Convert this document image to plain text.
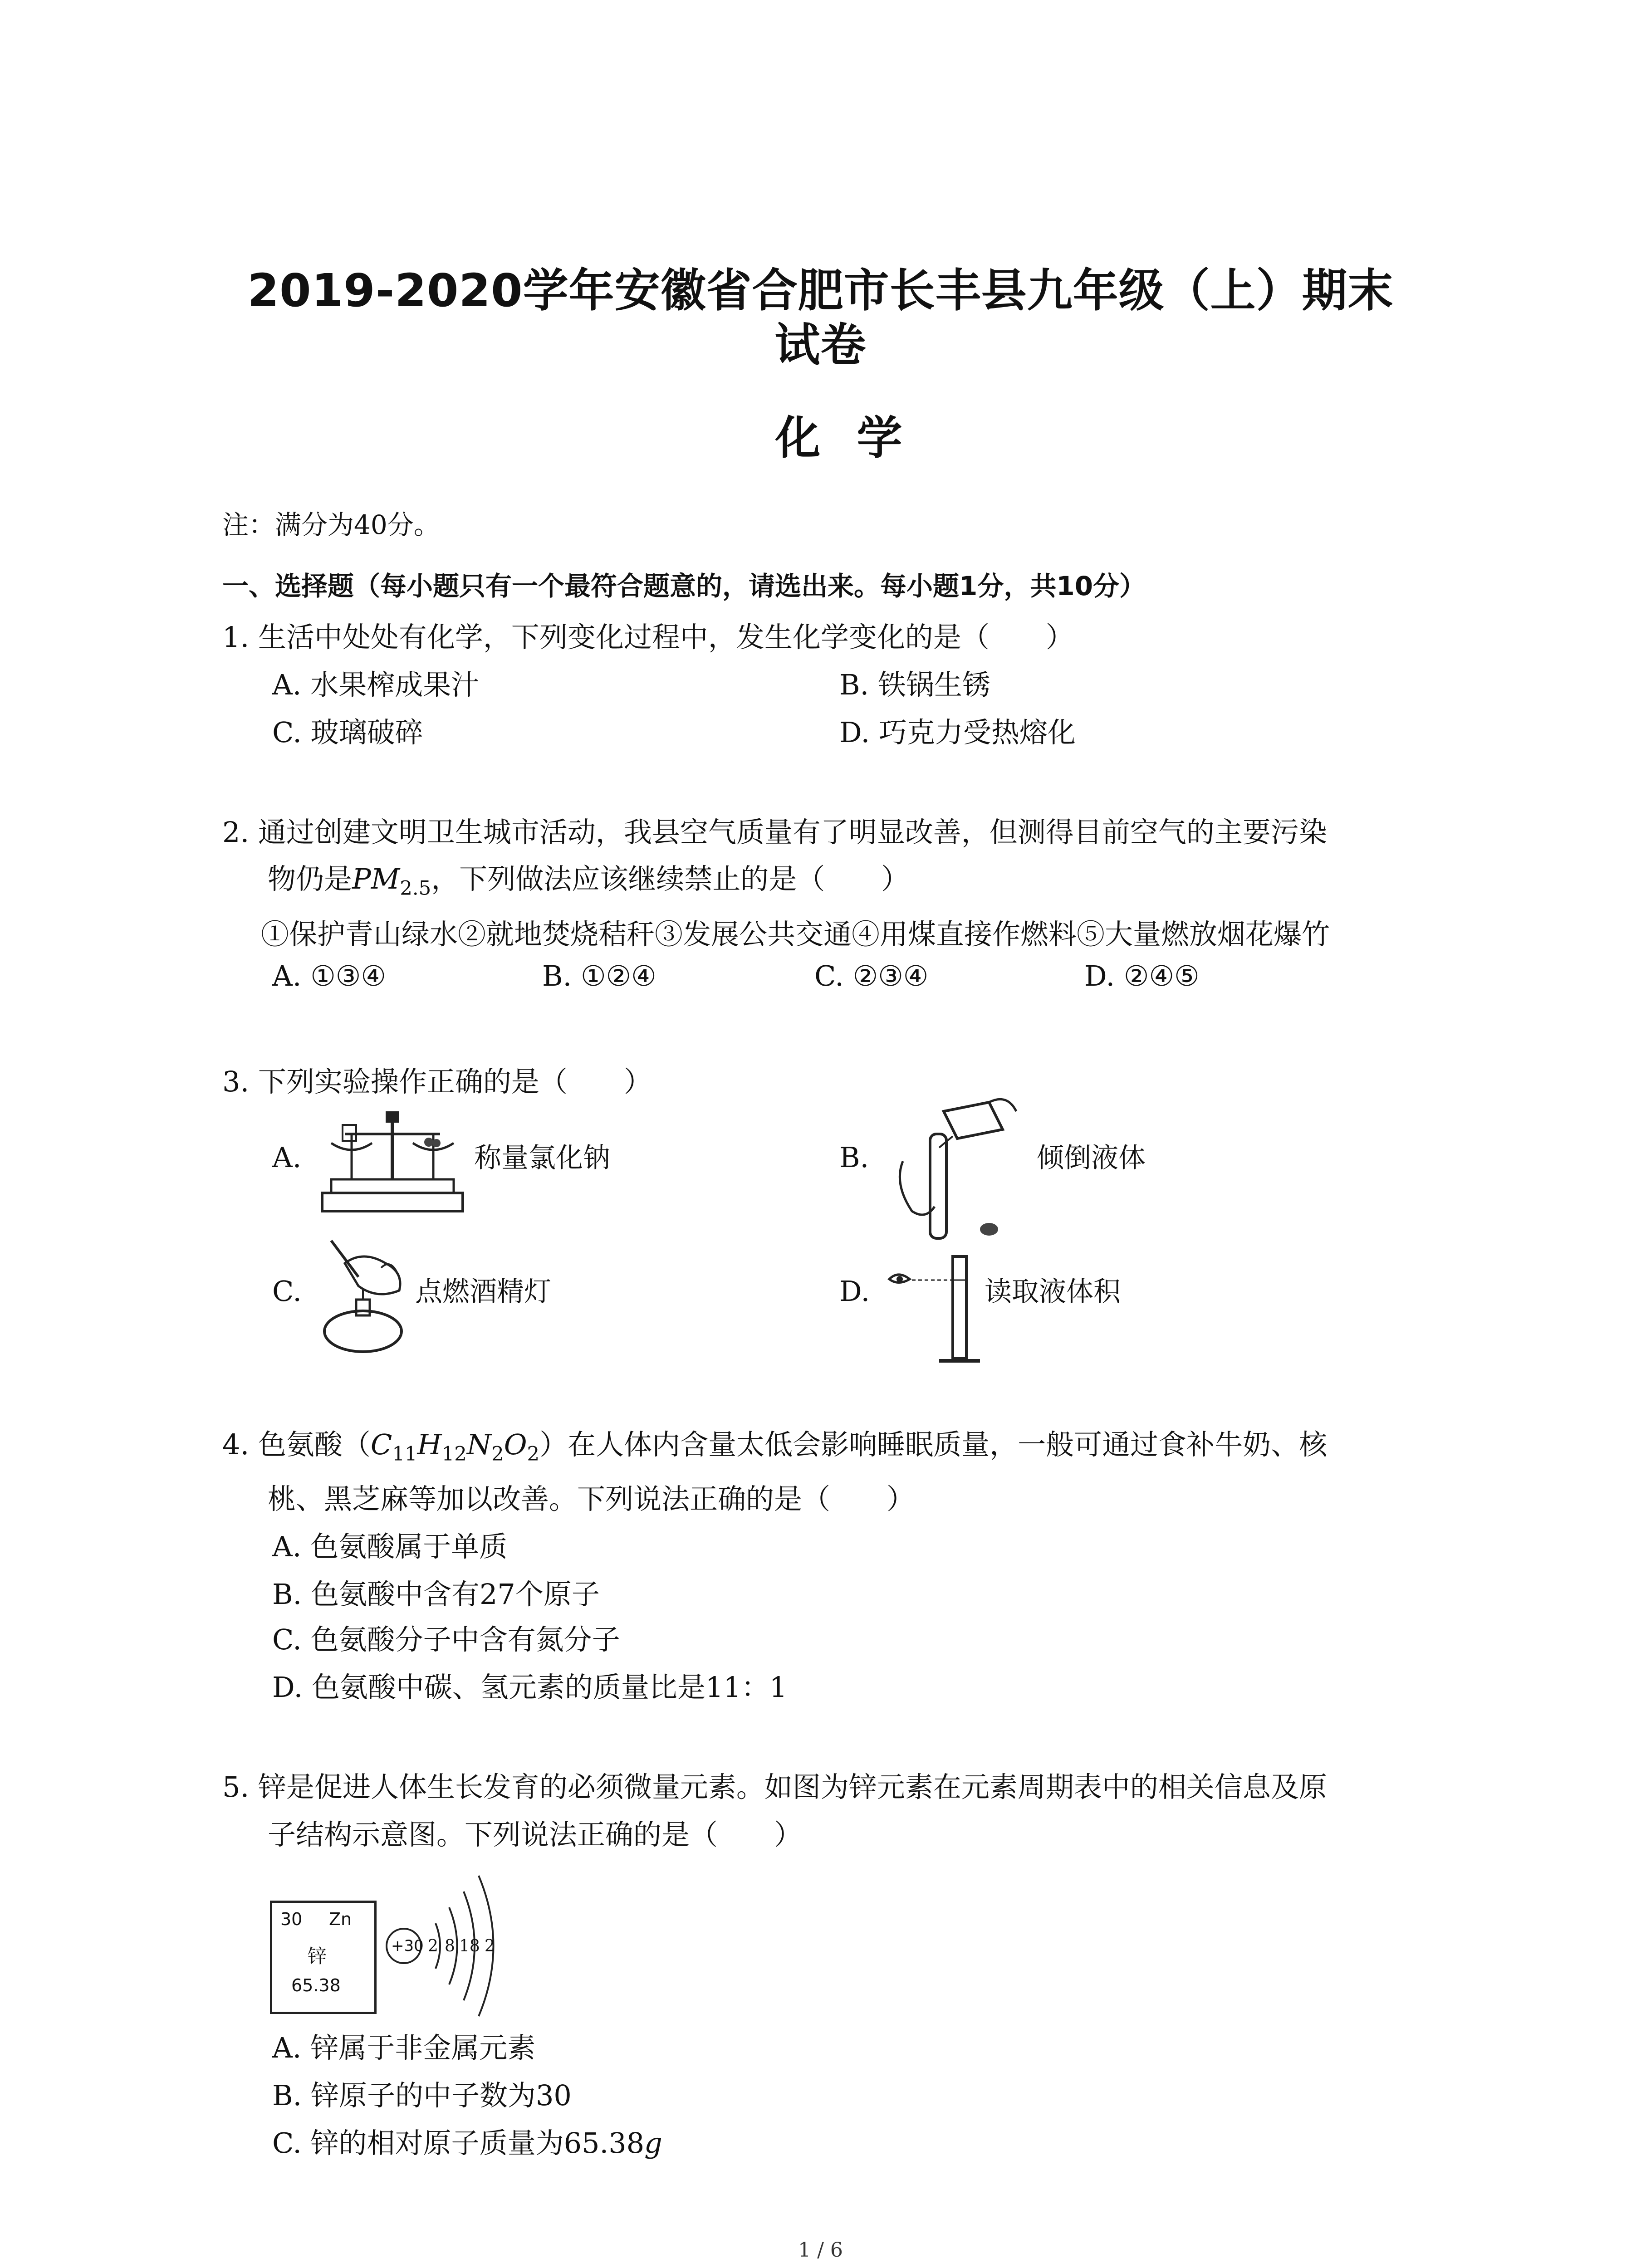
2019-2020学年安徽省合肥市长丰县九年级（上）期末
试卷
化学
注：满分为40分。
一、选择题（每小题只有一个最符合题意的，请选出来。每小题1分，共10分）
1. 生活中处处有化学，下列变化过程中，发生化学变化的是（　　）
A. 水果榨成果汁	B. 铁锅生锈
C. 玻璃破碎	D. 巧克力受热熔化
2. 通过创建文明卫生城市活动，我县空气质量有了明显改善，但测得目前空气的主要污染
物仍是$PM_{2.5}$，下列做法应该继续禁止的是（　　）
①保护青山绿水②就地焚烧秸秆③发展公共交通④用煤直接作燃料⑤大量燃放烟花爆竹
A. ①③④	B. ①②④	C. ②③④	D. ②④⑤
3. 下列实验操作正确的是（　　）
A.	称量氯化钠	B.	倾倒液体
C.	点燃酒精灯	D.	读取液体积
4. 色氨酸$(C_{11}H_{12}N_2O_2)$在人体内含量太低会影响睡眠质量，一般可通过食补牛奶、核
桃、黑芝麻等加以改善。下列说法正确的是（　　）
A. 色氨酸属于单质
B. 色氨酸中含有27个原子
C. 色氨酸分子中含有氮分子
D. 色氨酸中碳、氢元素的质量比是11：1
5. 锌是促进人体生长发育的必须微量元素。如图为锌元素在元素周期表中的相关信息及原
子结构示意图。下列说法正确的是（　　）
30 Zn
锌
65.38
+30 2 8 18 2
A. 锌属于非金属元素
B. 锌原子的中子数为30
C. 锌的相对原子质量为65.38g
1 / 6
